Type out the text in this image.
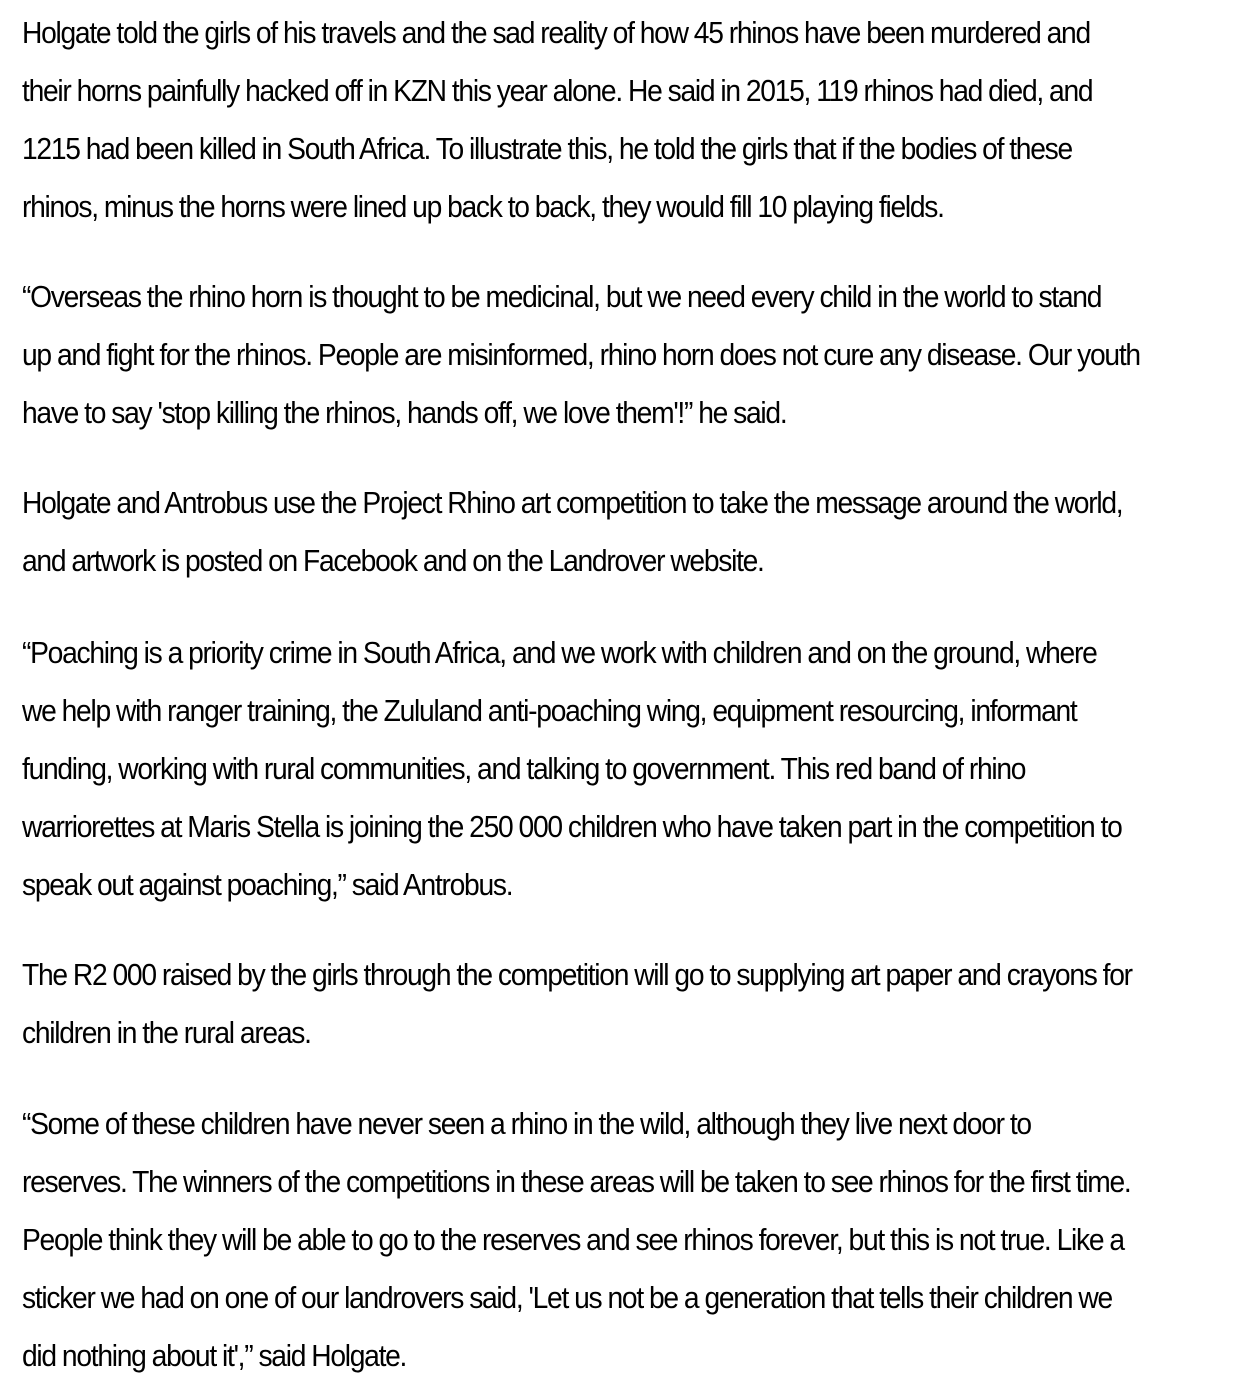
Holgate told the girls of his travels and the sad reality of how 45 rhinos have been murdered and
their horns painfully hacked off in KZN this year alone. He said in 2015, 119 rhinos had died, and
1215 had been killed in South Africa. To illustrate this, he told the girls that if the bodies of these
rhinos, minus the horns were lined up back to back, they would fill 10 playing fields.

“Overseas the rhino horn is thought to be medicinal, but we need every child in the world to stand
up and fight for the rhinos. People are misinformed, rhino horn does not cure any disease. Our youth
have to say 'stop killing the rhinos, hands off, we love them'!” he said.

Holgate and Antrobus use the Project Rhino art competition to take the message around the world,
and artwork is posted on Facebook and on the Landrover website.

“Poaching is a priority crime in South Africa, and we work with children and on the ground, where
we help with ranger training, the Zululand anti-poaching wing, equipment resourcing, informant
funding, working with rural communities, and talking to government. This red band of rhino
warriorettes at Maris Stella is joining the 250 000 children who have taken part in the competition to
speak out against poaching,” said Antrobus.

The R2 000 raised by the girls through the competition will go to supplying art paper and crayons for
children in the rural areas.

“Some of these children have never seen a rhino in the wild, although they live next door to
reserves. The winners of the competitions in these areas will be taken to see rhinos for the first time.
People think they will be able to go to the reserves and see rhinos forever, but this is not true. Like a
sticker we had on one of our landrovers said, 'Let us not be a generation that tells their children we
did nothing about it',” said Holgate.
